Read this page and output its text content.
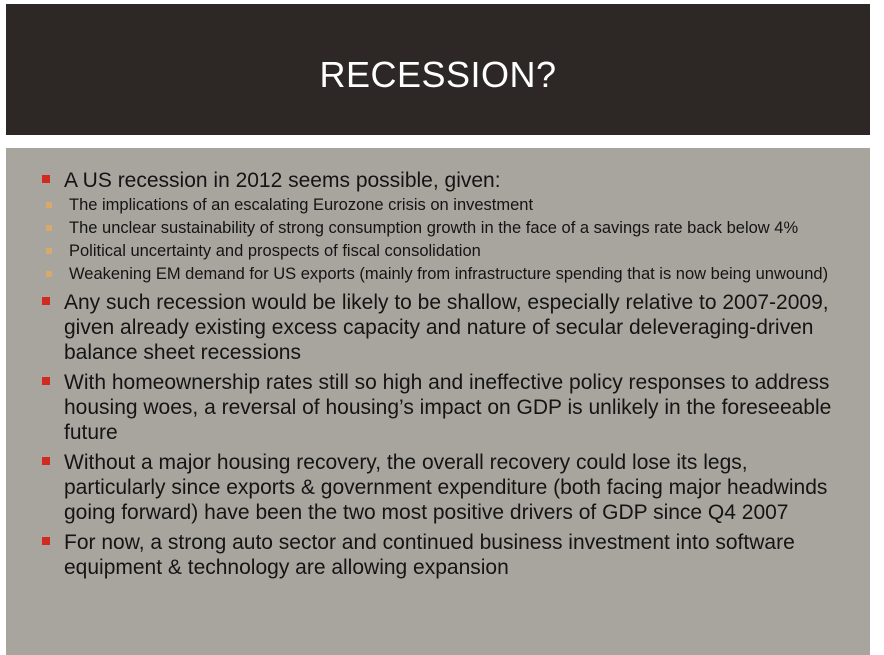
RECESSION?
A US recession in 2012 seems possible, given:
The implications of an escalating Eurozone crisis on investment
The unclear sustainability of strong consumption growth in the face of a savings rate back below 4%
Political uncertainty and prospects of fiscal consolidation
Weakening EM demand for US exports (mainly from infrastructure spending that is now being unwound)
Any such recession would be likely to be shallow, especially relative to 2007-2009, given already existing excess capacity and nature of secular deleveraging-driven balance sheet recessions
With homeownership rates still so high and ineffective policy responses to address housing woes, a reversal of housing’s impact on GDP is unlikely in the foreseeable future
Without a major housing recovery, the overall recovery could lose its legs, particularly since exports & government expenditure (both facing major headwinds going forward) have been the two most positive drivers of GDP since Q4 2007
For now, a strong auto sector and continued business investment into software equipment & technology are allowing expansion
